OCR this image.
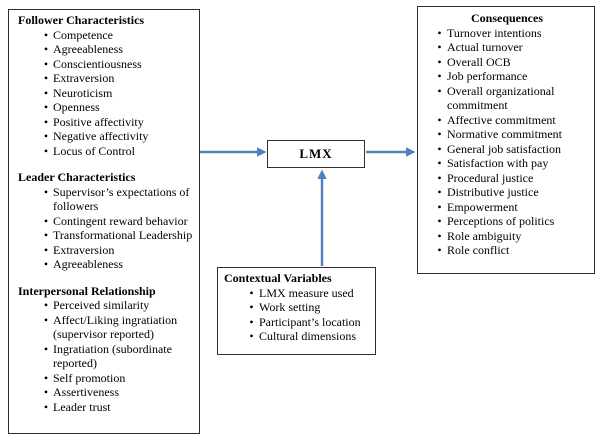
Follower Characteristics
• Competence
• Agreeableness
• Conscientiousness
• Extraversion
• Neuroticism
• Openness
• Positive affectivity
• Negative affectivity
• Locus of Control
Leader Characteristics
• Supervisor’s expectations of followers
• Contingent reward behavior
• Transformational Leadership
• Extraversion
• Agreeableness
Interpersonal Relationship
• Perceived similarity
• Affect/Liking ingratiation (supervisor reported)
• Ingratiation (subordinate reported)
• Self promotion
• Assertiveness
• Leader trust
LMX
Contextual Variables
• LMX measure used
• Work setting
• Participant’s location
• Cultural dimensions
Consequences
• Turnover intentions
• Actual turnover
• Overall OCB
• Job performance
• Overall organizational commitment
• Affective commitment
• Normative commitment
• General job satisfaction
• Satisfaction with pay
• Procedural justice
• Distributive justice
• Empowerment
• Perceptions of politics
• Role ambiguity
• Role conflict
